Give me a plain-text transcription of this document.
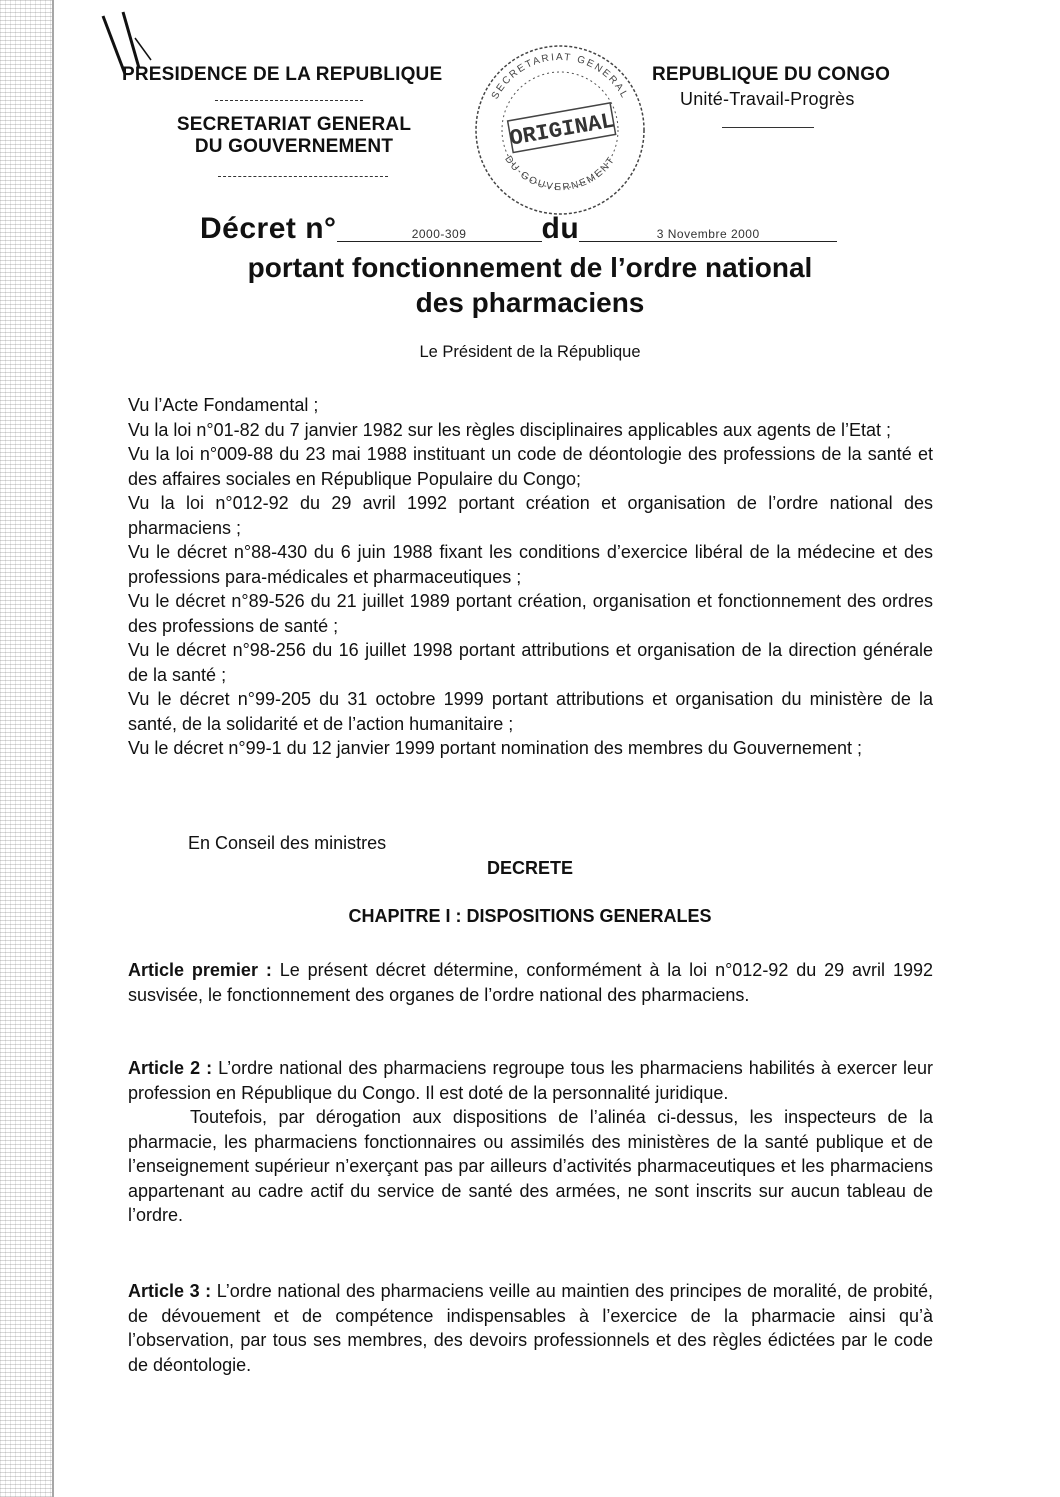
PRESIDENCE DE LA REPUBLIQUE
SECRETARIAT GENERAL
DU GOUVERNEMENT
REPUBLIQUE DU CONGO
Unité-Travail-Progrès
SECRETARIAT GENERAL
DU GOUVERNEMENT
ORIGINAL
Décret n°	2000-309	du	3 Novembre 2000
portant fonctionnement de l’ordre national
des pharmaciens
Le Président de la République

Vu l’Acte Fondamental ;

Vu la loi n°01-82 du 7 janvier 1982 sur les règles disciplinaires applicables aux agents de l’Etat ;

Vu la loi n°009-88 du 23 mai 1988 instituant un code de déontologie des professions de la santé et des affaires sociales en République Populaire du Congo;

Vu la loi n°012-92 du 29 avril 1992 portant création et organisation de l’ordre national des pharmaciens ;

Vu le décret n°88-430 du 6 juin 1988 fixant les conditions d’exercice libéral de la médecine et des professions para-médicales et pharmaceutiques ;

Vu le décret n°89-526 du 21 juillet 1989 portant création, organisation et fonctionnement des ordres des professions de santé ;

Vu le décret n°98-256 du 16 juillet 1998 portant attributions et organisation de la direction générale de la santé ;

Vu le décret n°99-205 du 31 octobre 1999 portant attributions et organisation du ministère de la santé, de la solidarité et de l’action humanitaire ;

Vu le décret n°99-1 du 12 janvier 1999 portant nomination des membres du Gouvernement ;

En Conseil des ministres
DECRETE
CHAPITRE I : DISPOSITIONS GENERALES

Article premier : Le présent décret détermine, conformément à la loi n°012-92 du 29 avril 1992 susvisée, le fonctionnement des organes de l’ordre national des pharmaciens.

Article 2 : L’ordre national des pharmaciens regroupe tous les pharmaciens habilités à exercer leur profession en République du Congo. Il est doté de la personnalité juridique.

Toutefois, par dérogation aux dispositions de l’alinéa ci-dessus, les inspecteurs de la pharmacie, les pharmaciens fonctionnaires ou assimilés des ministères de la santé publique et de l’enseignement supérieur n’exerçant pas par ailleurs d’activités pharmaceutiques et les pharmaciens appartenant au cadre actif du service de santé des armées, ne sont inscrits sur aucun tableau de l’ordre.

Article 3 : L’ordre national des pharmaciens veille au maintien des principes de moralité, de probité, de dévouement et de compétence indispensables à l’exercice de la pharmacie ainsi qu’à l’observation, par tous ses membres, des devoirs professionnels et des règles édictées par le code de déontologie.
